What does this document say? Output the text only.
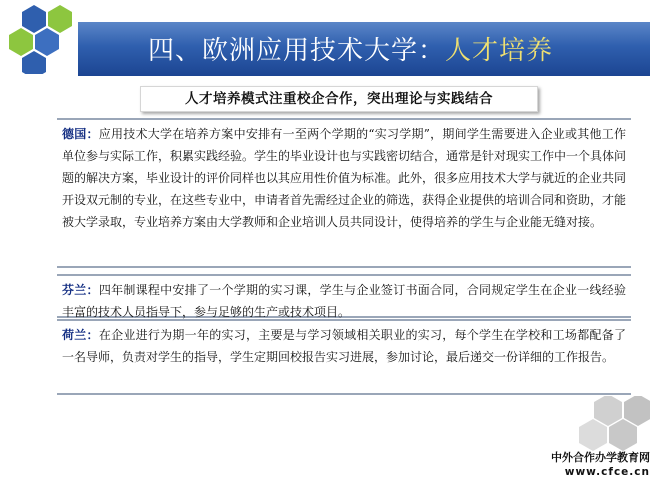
四、欧洲应用技术大学：人才培养
人才培养模式注重校企合作，突出理论与实践结合

德国：应用技术大学在培养方案中安排有一至两个学期的“实习学期”，期间学生需要进入企业或其他工作单位参与实际工作，积累实践经验。学生的毕业设计也与实践密切结合，通常是针对现实工作中一个具体问题的解决方案，毕业设计的评价同样也以其应用性价值为标准。此外，很多应用技术大学与就近的企业共同开设双元制的专业，在这些专业中，申请者首先需经过企业的筛选，获得企业提供的培训合同和资助，才能被大学录取，专业培养方案由大学教师和企业培训人员共同设计，使得培养的学生与企业能无缝对接。

芬兰：四年制课程中安排了一个学期的实习课，学生与企业签订书面合同，合同规定学生在企业一线经验丰富的技术人员指导下，参与足够的生产或技术项目。

荷兰：在企业进行为期一年的实习，主要是与学习领域相关职业的实习，每个学生在学校和工场都配备了一名导师，负责对学生的指导，学生定期回校报告实习进展，参加讨论，最后递交一份详细的工作报告。

中外合作办学教育网
www.cfce.cn
